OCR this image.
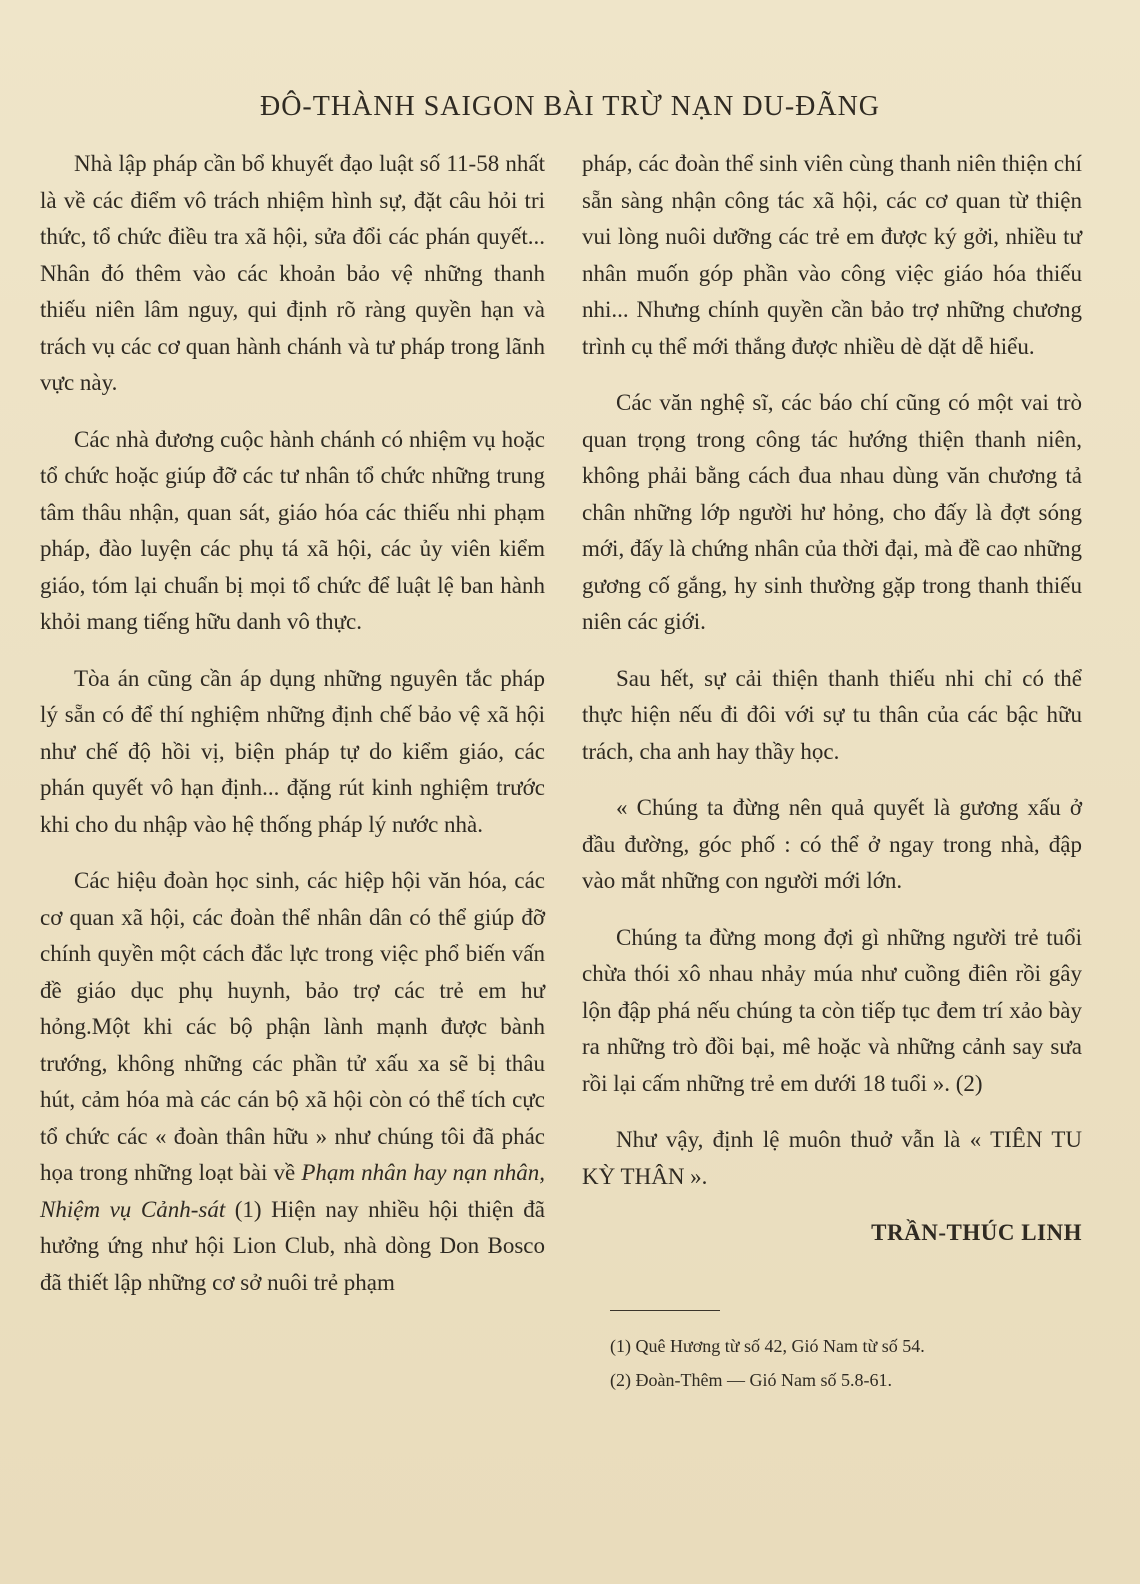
ĐÔ-THÀNH SAIGON BÀI TRỪ NẠN DU-ĐÃNG

Nhà lập pháp cần bổ khuyết đạo luật số 11-58 nhất là về các điểm vô trách nhiệm hình sự, đặt câu hỏi tri thức, tổ chức điều tra xã hội, sửa đổi các phán quyết... Nhân đó thêm vào các khoản bảo vệ những thanh thiếu niên lâm nguy, qui định rõ ràng quyền hạn và trách vụ các cơ quan hành chánh và tư pháp trong lãnh vực này.

Các nhà đương cuộc hành chánh có nhiệm vụ hoặc tổ chức hoặc giúp đỡ các tư nhân tổ chức những trung tâm thâu nhận, quan sát, giáo hóa các thiếu nhi phạm pháp, đào luyện các phụ tá xã hội, các ủy viên kiểm giáo, tóm lại chuẩn bị mọi tổ chức để luật lệ ban hành khỏi mang tiếng hữu danh vô thực.

Tòa án cũng cần áp dụng những nguyên tắc pháp lý sẵn có để thí nghiệm những định chế bảo vệ xã hội như chế độ hồi vị, biện pháp tự do kiểm giáo, các phán quyết vô hạn định... đặng rút kinh nghiệm trước khi cho du nhập vào hệ thống pháp lý nước nhà.

Các hiệu đoàn học sinh, các hiệp hội văn hóa, các cơ quan xã hội, các đoàn thể nhân dân có thể giúp đỡ chính quyền một cách đắc lực trong việc phổ biến vấn đề giáo dục phụ huynh, bảo trợ các trẻ em hư hỏng.Một khi các bộ phận lành mạnh được bành trướng, không những các phần tử xấu xa sẽ bị thâu hút, cảm hóa mà các cán bộ xã hội còn có thể tích cực tổ chức các « đoàn thân hữu » như chúng tôi đã phác họa trong những loạt bài về Phạm nhân hay nạn nhân, Nhiệm vụ Cảnh-sát (1) Hiện nay nhiều hội thiện đã hưởng ứng như hội Lion Club, nhà dòng Don Bosco đã thiết lập những cơ sở nuôi trẻ phạm

pháp, các đoàn thể sinh viên cùng thanh niên thiện chí sẵn sàng nhận công tác xã hội, các cơ quan từ thiện vui lòng nuôi dưỡng các trẻ em được ký gởi, nhiều tư nhân muốn góp phần vào công việc giáo hóa thiếu nhi... Nhưng chính quyền cần bảo trợ những chương trình cụ thể mới thắng được nhiều dè dặt dễ hiểu.

Các văn nghệ sĩ, các báo chí cũng có một vai trò quan trọng trong công tác hướng thiện thanh niên, không phải bằng cách đua nhau dùng văn chương tả chân những lớp người hư hỏng, cho đấy là đợt sóng mới, đấy là chứng nhân của thời đại, mà đề cao những gương cố gắng, hy sinh thường gặp trong thanh thiếu niên các giới.

Sau hết, sự cải thiện thanh thiếu nhi chỉ có thể thực hiện nếu đi đôi với sự tu thân của các bậc hữu trách, cha anh hay thầy học.

« Chúng ta đừng nên quả quyết là gương xấu ở đầu đường, góc phố : có thể ở ngay trong nhà, đập vào mắt những con người mới lớn.

Chúng ta đừng mong đợi gì những người trẻ tuổi chừa thói xô nhau nhảy múa như cuồng điên rồi gây lộn đập phá nếu chúng ta còn tiếp tục đem trí xảo bày ra những trò đồi bại, mê hoặc và những cảnh say sưa rồi lại cấm những trẻ em dưới 18 tuổi ». (2)

Như vậy, định lệ muôn thuở vẫn là « TIÊN TU KỲ THÂN ».

TRẦN-THÚC LINH
(1) Quê Hương từ số 42, Gió Nam từ số 54.
(2) Đoàn-Thêm — Gió Nam số 5.8-61.
